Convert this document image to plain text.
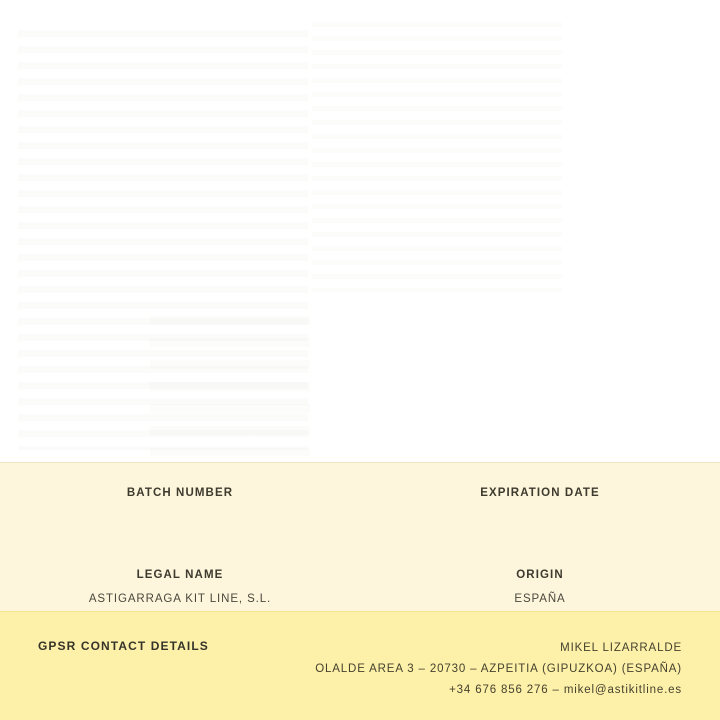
BATCH NUMBER	EXPIRATION DATE
LEGAL NAME
ASTIGARRAGA KIT LINE, S.L.
ORIGIN
ESPAÑA
GPSR CONTACT DETAILS	MIKEL LIZARRALDE
OLALDE AREA 3 – 20730 – AZPEITIA (GIPUZKOA) (ESPAÑA)
+34 676 856 276 – mikel@astikitline.es
